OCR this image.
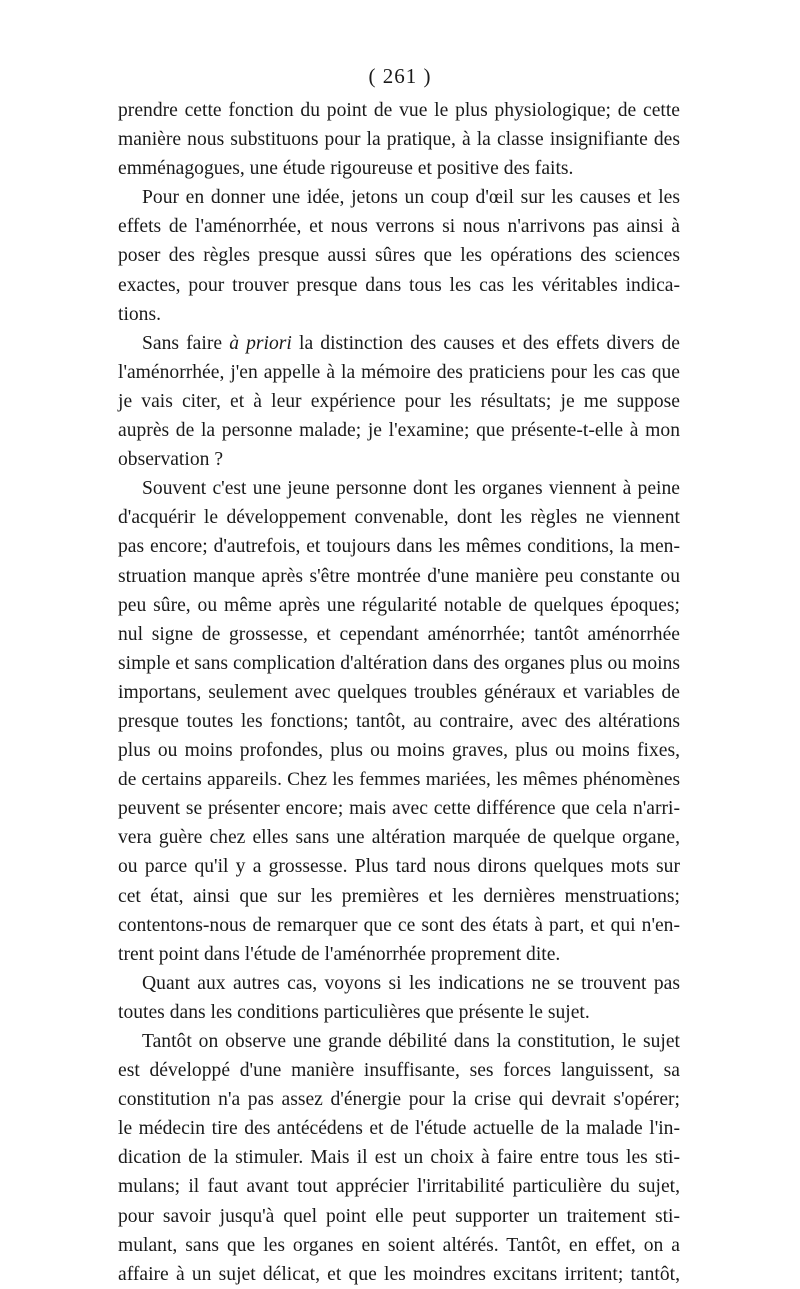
( 261 )
prendre cette fonction du point de vue le plus physiologique; de cette
manière nous substituons pour la pratique, à la classe insignifiante des
emménagogues, une étude rigoureuse et positive des faits.
Pour en donner une idée, jetons un coup d'œil sur les causes et les
effets de l'aménorrhée, et nous verrons si nous n'arrivons pas ainsi à
poser des règles presque aussi sûres que les opérations des sciences
exactes, pour trouver presque dans tous les cas les véritables indica-
tions.
Sans faire à priori la distinction des causes et des effets divers de
l'aménorrhée, j'en appelle à la mémoire des praticiens pour les cas que
je vais citer, et à leur expérience pour les résultats; je me suppose
auprès de la personne malade; je l'examine; que présente-t-elle à mon
observation ?
Souvent c'est une jeune personne dont les organes viennent à peine
d'acquérir le développement convenable, dont les règles ne viennent
pas encore; d'autrefois, et toujours dans les mêmes conditions, la men-
struation manque après s'être montrée d'une manière peu constante ou
peu sûre, ou même après une régularité notable de quelques époques;
nul signe de grossesse, et cependant aménorrhée; tantôt aménorrhée
simple et sans complication d'altération dans des organes plus ou moins
importans, seulement avec quelques troubles généraux et variables de
presque toutes les fonctions; tantôt, au contraire, avec des altérations
plus ou moins profondes, plus ou moins graves, plus ou moins fixes,
de certains appareils. Chez les femmes mariées, les mêmes phénomènes
peuvent se présenter encore; mais avec cette différence que cela n'arri-
vera guère chez elles sans une altération marquée de quelque organe,
ou parce qu'il y a grossesse. Plus tard nous dirons quelques mots sur
cet état, ainsi que sur les premières et les dernières menstruations;
contentons-nous de remarquer que ce sont des états à part, et qui n'en-
trent point dans l'étude de l'aménorrhée proprement dite.
Quant aux autres cas, voyons si les indications ne se trouvent pas
toutes dans les conditions particulières que présente le sujet.
Tantôt on observe une grande débilité dans la constitution, le sujet
est développé d'une manière insuffisante, ses forces languissent, sa
constitution n'a pas assez d'énergie pour la crise qui devrait s'opérer;
le médecin tire des antécédens et de l'étude actuelle de la malade l'in-
dication de la stimuler. Mais il est un choix à faire entre tous les sti-
mulans; il faut avant tout apprécier l'irritabilité particulière du sujet,
pour savoir jusqu'à quel point elle peut supporter un traitement sti-
mulant, sans que les organes en soient altérés. Tantôt, en effet, on a
affaire à un sujet délicat, et que les moindres excitans irritent; tantôt,
